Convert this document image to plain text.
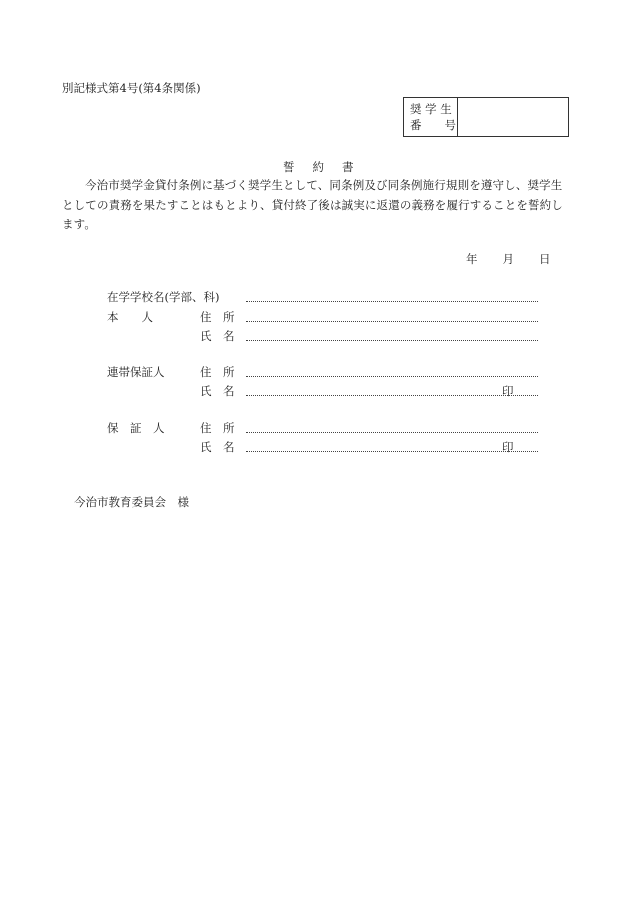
別記様式第4号(第4条関係)
奨 学 生
番　　号
誓 約 書
今治市奨学金貸付条例に基づく奨学生として、同条例及び同条例施行規則を遵守し、奨学生としての責務を果たすことはもとより、貸付終了後は誠実に返還の義務を履行することを誓約します。
年 月 日
在学学校名(学部、科)
本　　人	住　所
氏　名
連帯保証人	住　所
氏　名	印
保　証　人	住　所
氏　名	印
今治市教育委員会　様
